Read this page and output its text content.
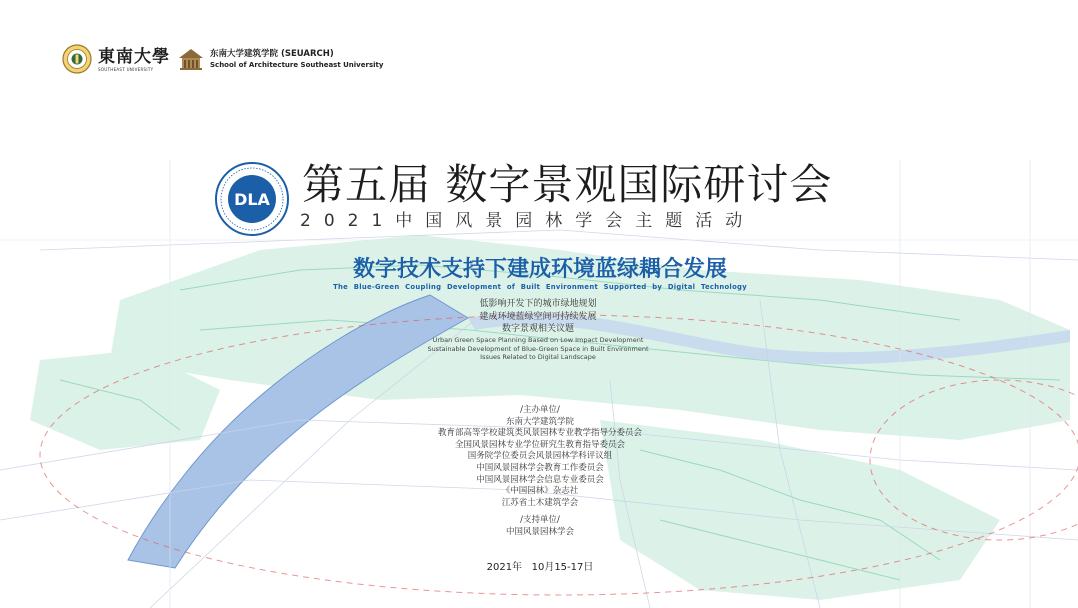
東南大學
SOUTHEAST UNIVERSITY
东南大学建筑学院 (SEUARCH)
School of Architecture Southeast University
DLA 第五届 数字景观国际研讨会
2021中国风景园林学会主题活动
数字技术支持下建成环境蓝绿耦合发展
The Blue-Green Coupling Development of Built Environment Supported by Digital Technology
低影响开发下的城市绿地规划
建成环境蓝绿空间可持续发展
数字景观相关议题
Urban Green Space Planning Based on Low Impact Development
Sustainable Development of Blue-Green Space in Built Environment
Issues Related to Digital Landscape
/主办单位/
东南大学建筑学院
教育部高等学校建筑类风景园林专业教学指导分委员会
全国风景园林专业学位研究生教育指导委员会
国务院学位委员会风景园林学科评议组
中国风景园林学会教育工作委员会
中国风景园林学会信息专业委员会
《中国园林》杂志社
江苏省土木建筑学会
/支持单位/
中国风景园林学会
2021年   10月15-17日
